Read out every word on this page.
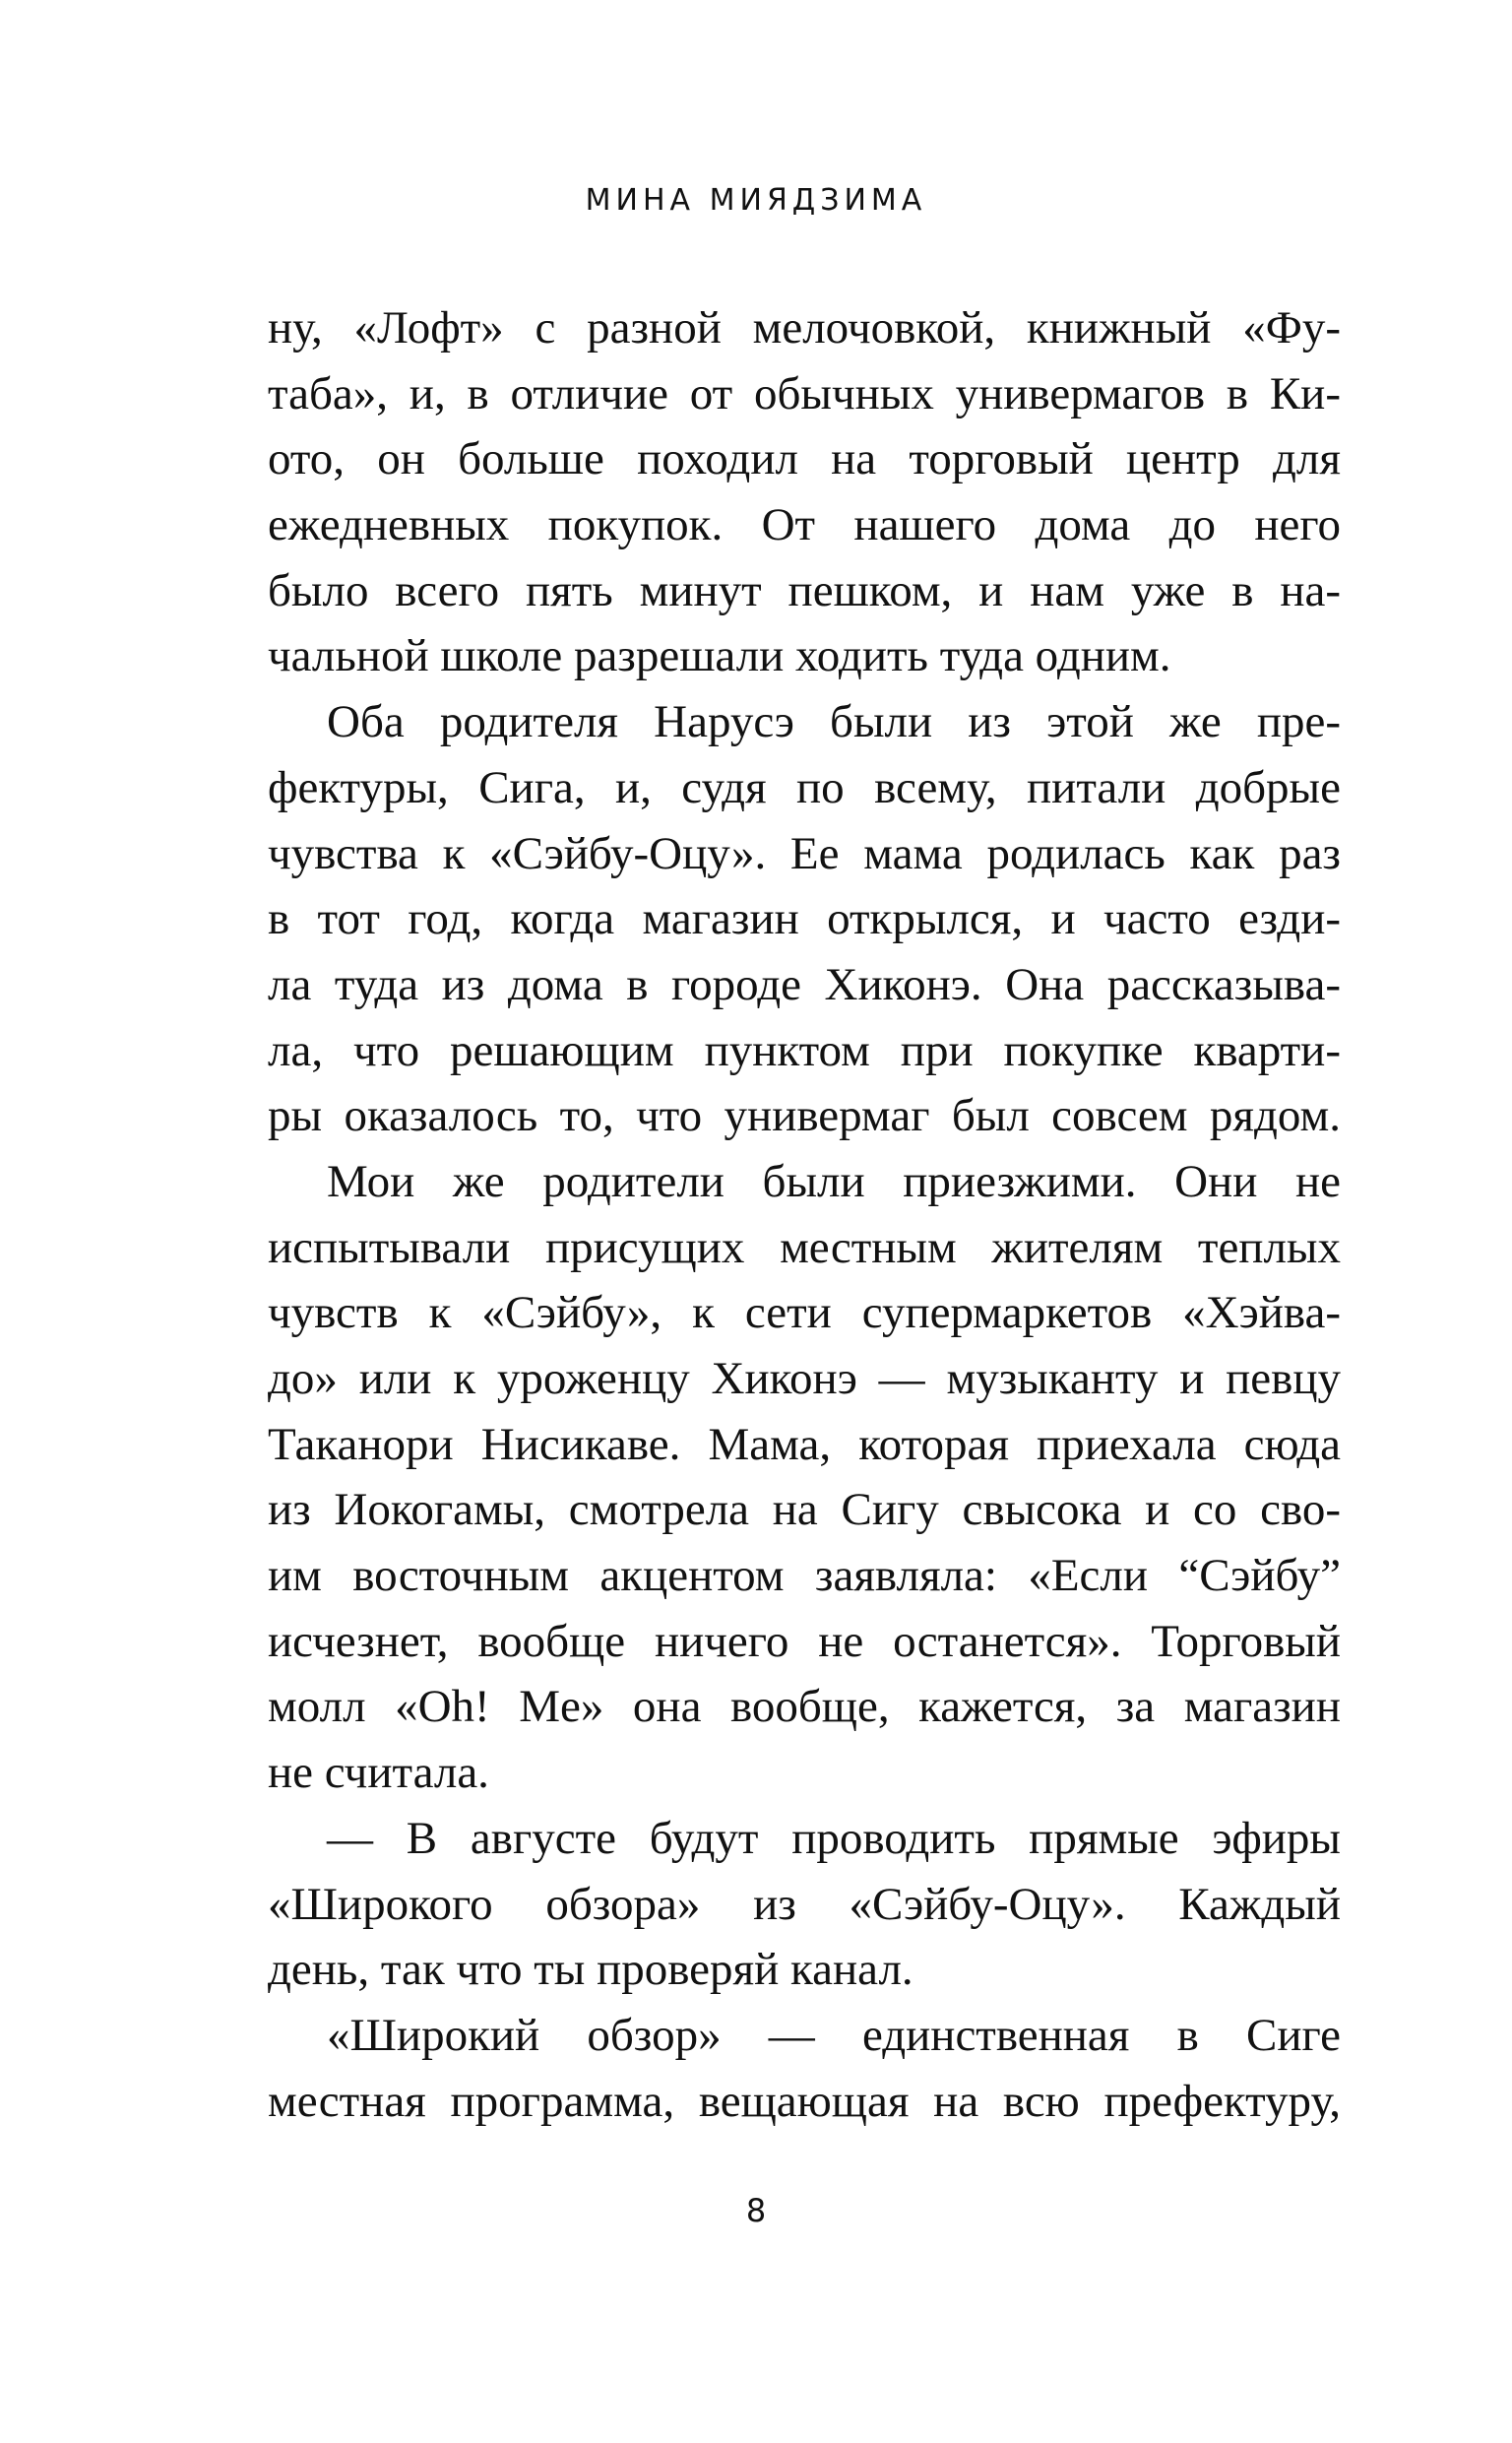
МИНА МИЯДЗИМА
ну, «Лофт» с разной мелочовкой, книжный «Фу-
таба», и, в отличие от обычных универмагов в Ки-
ото, он больше походил на торговый центр для
ежедневных покупок. От нашего дома до него
было всего пять минут пешком, и нам уже в на-
чальной школе разрешали ходить туда одним.
Оба родителя Нарусэ были из этой же пре-
фектуры, Сига, и, судя по всему, питали добрые
чувства к «Сэйбу-Оцу». Ее мама родилась как раз
в тот год, когда магазин открылся, и часто езди-
ла туда из дома в городе Хиконэ. Она рассказыва-
ла, что решающим пунктом при покупке кварти-
ры оказалось то, что универмаг был совсем рядом.
Мои же родители были приезжими. Они не
испытывали присущих местным жителям теплых
чувств к «Сэйбу», к сети супермаркетов «Хэйва-
до» или к уроженцу Хиконэ — музыканту и певцу
Таканори Нисикаве. Мама, которая приехала сюда
из Иокогамы, смотрела на Сигу свысока и со сво-
им восточным акцентом заявляла: «Если “Сэйбу”
исчезнет, вообще ничего не останется». Торговый
молл «Oh! Me» она вообще, кажется, за магазин
не считала.
— В августе будут проводить прямые эфиры
«Широкого обзора» из «Сэйбу-Оцу». Каждый
день, так что ты проверяй канал.
«Широкий обзор» — единственная в Сиге
местная программа, вещающая на всю префектуру,
8
